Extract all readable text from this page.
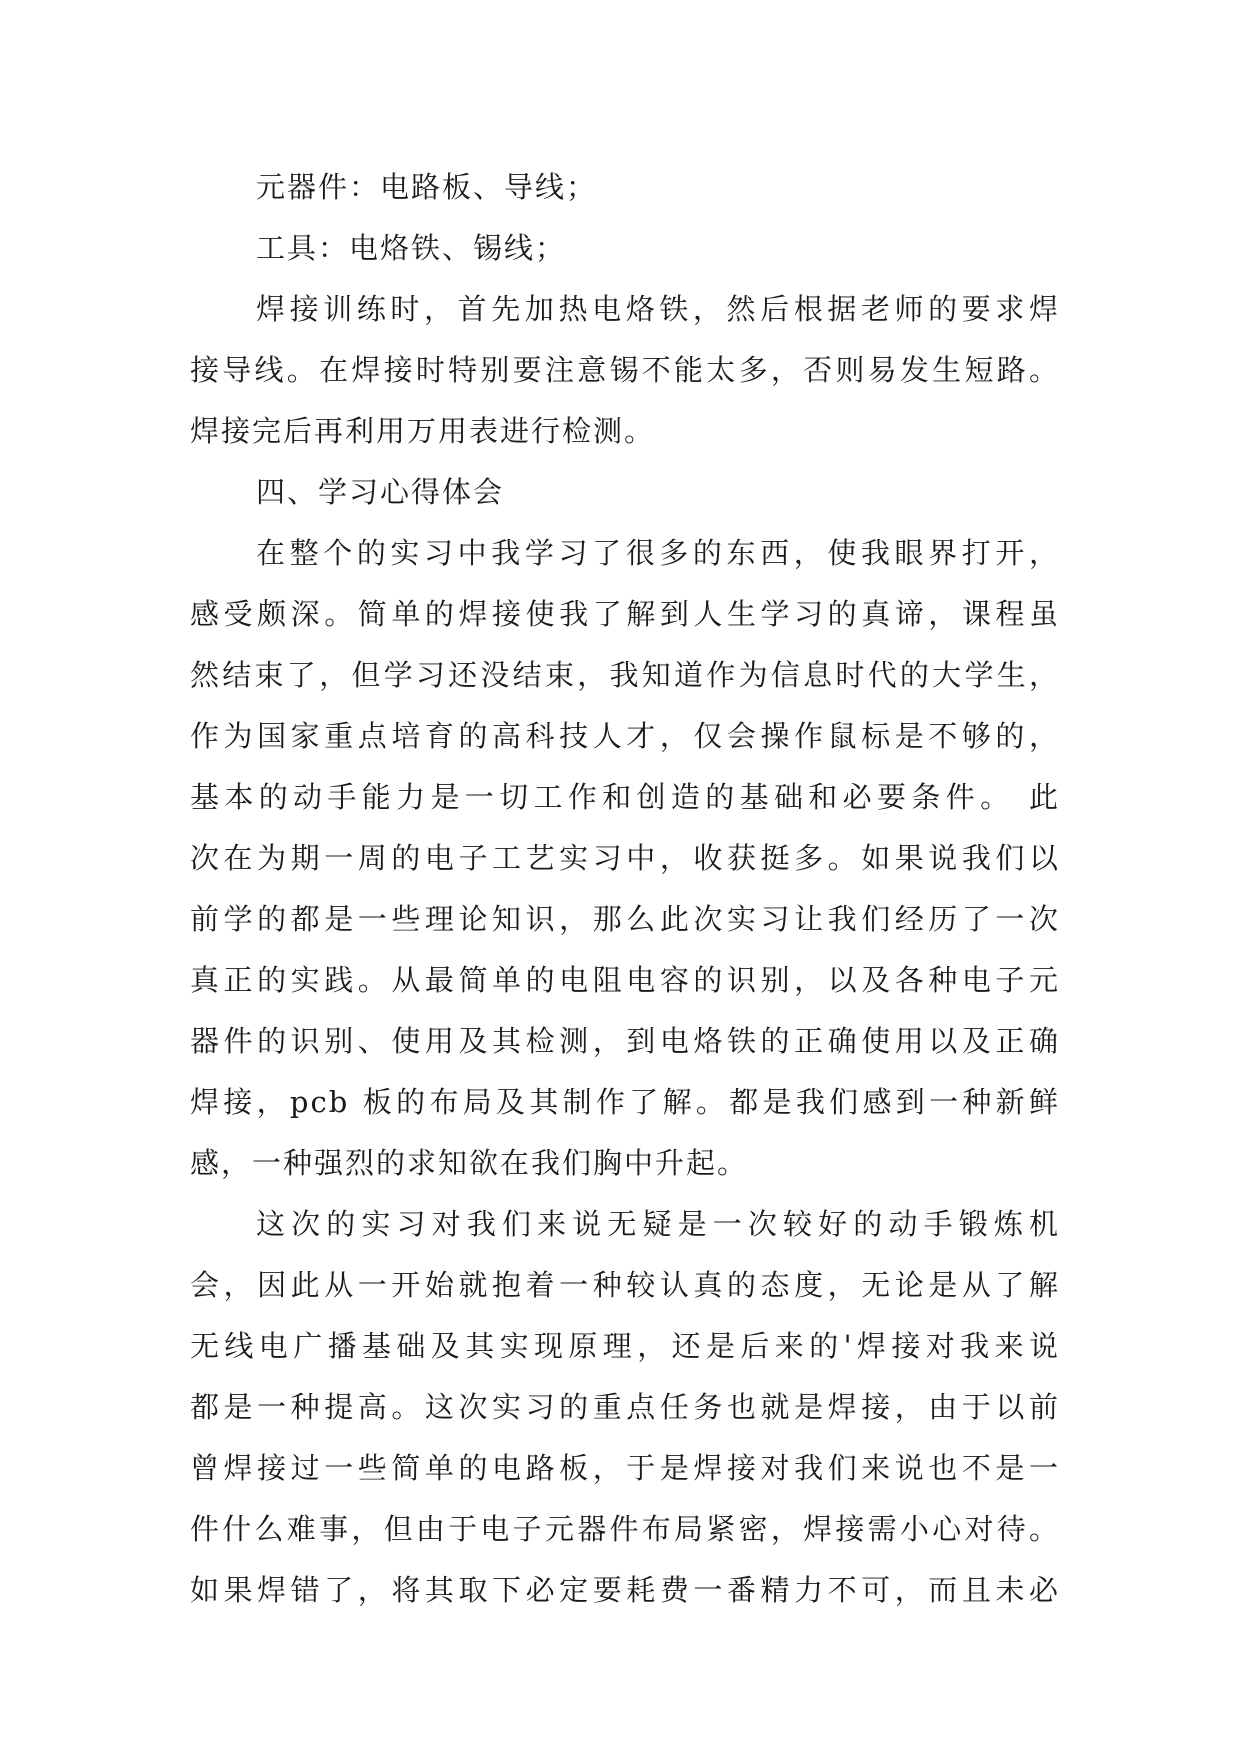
元器件：电路板、导线；
工具：电烙铁、锡线；
焊接训练时，首先加热电烙铁，然后根据老师的要求焊
接导线。在焊接时特别要注意锡不能太多，否则易发生短路。
焊接完后再利用万用表进行检测。
四、学习心得体会
在整个的实习中我学习了很多的东西，使我眼界打开，
感受颇深。简单的焊接使我了解到人生学习的真谛，课程虽
然结束了，但学习还没结束，我知道作为信息时代的大学生，
作为国家重点培育的高科技人才，仅会操作鼠标是不够的，
基本的动手能力是一切工作和创造的基础和必要条件。 此
次在为期一周的电子工艺实习中，收获挺多。如果说我们以
前学的都是一些理论知识，那么此次实习让我们经历了一次
真正的实践。从最简单的电阻电容的识别，以及各种电子元
器件的识别、使用及其检测，到电烙铁的正确使用以及正确
焊接，pcb 板的布局及其制作了解。都是我们感到一种新鲜
感，一种强烈的求知欲在我们胸中升起。
这次的实习对我们来说无疑是一次较好的动手锻炼机
会，因此从一开始就抱着一种较认真的态度，无论是从了解
无线电广播基础及其实现原理，还是后来的'焊接对我来说
都是一种提高。这次实习的重点任务也就是焊接，由于以前
曾焊接过一些简单的电路板，于是焊接对我们来说也不是一
件什么难事，但由于电子元器件布局紧密，焊接需小心对待。
如果焊错了，将其取下必定要耗费一番精力不可，而且未必
